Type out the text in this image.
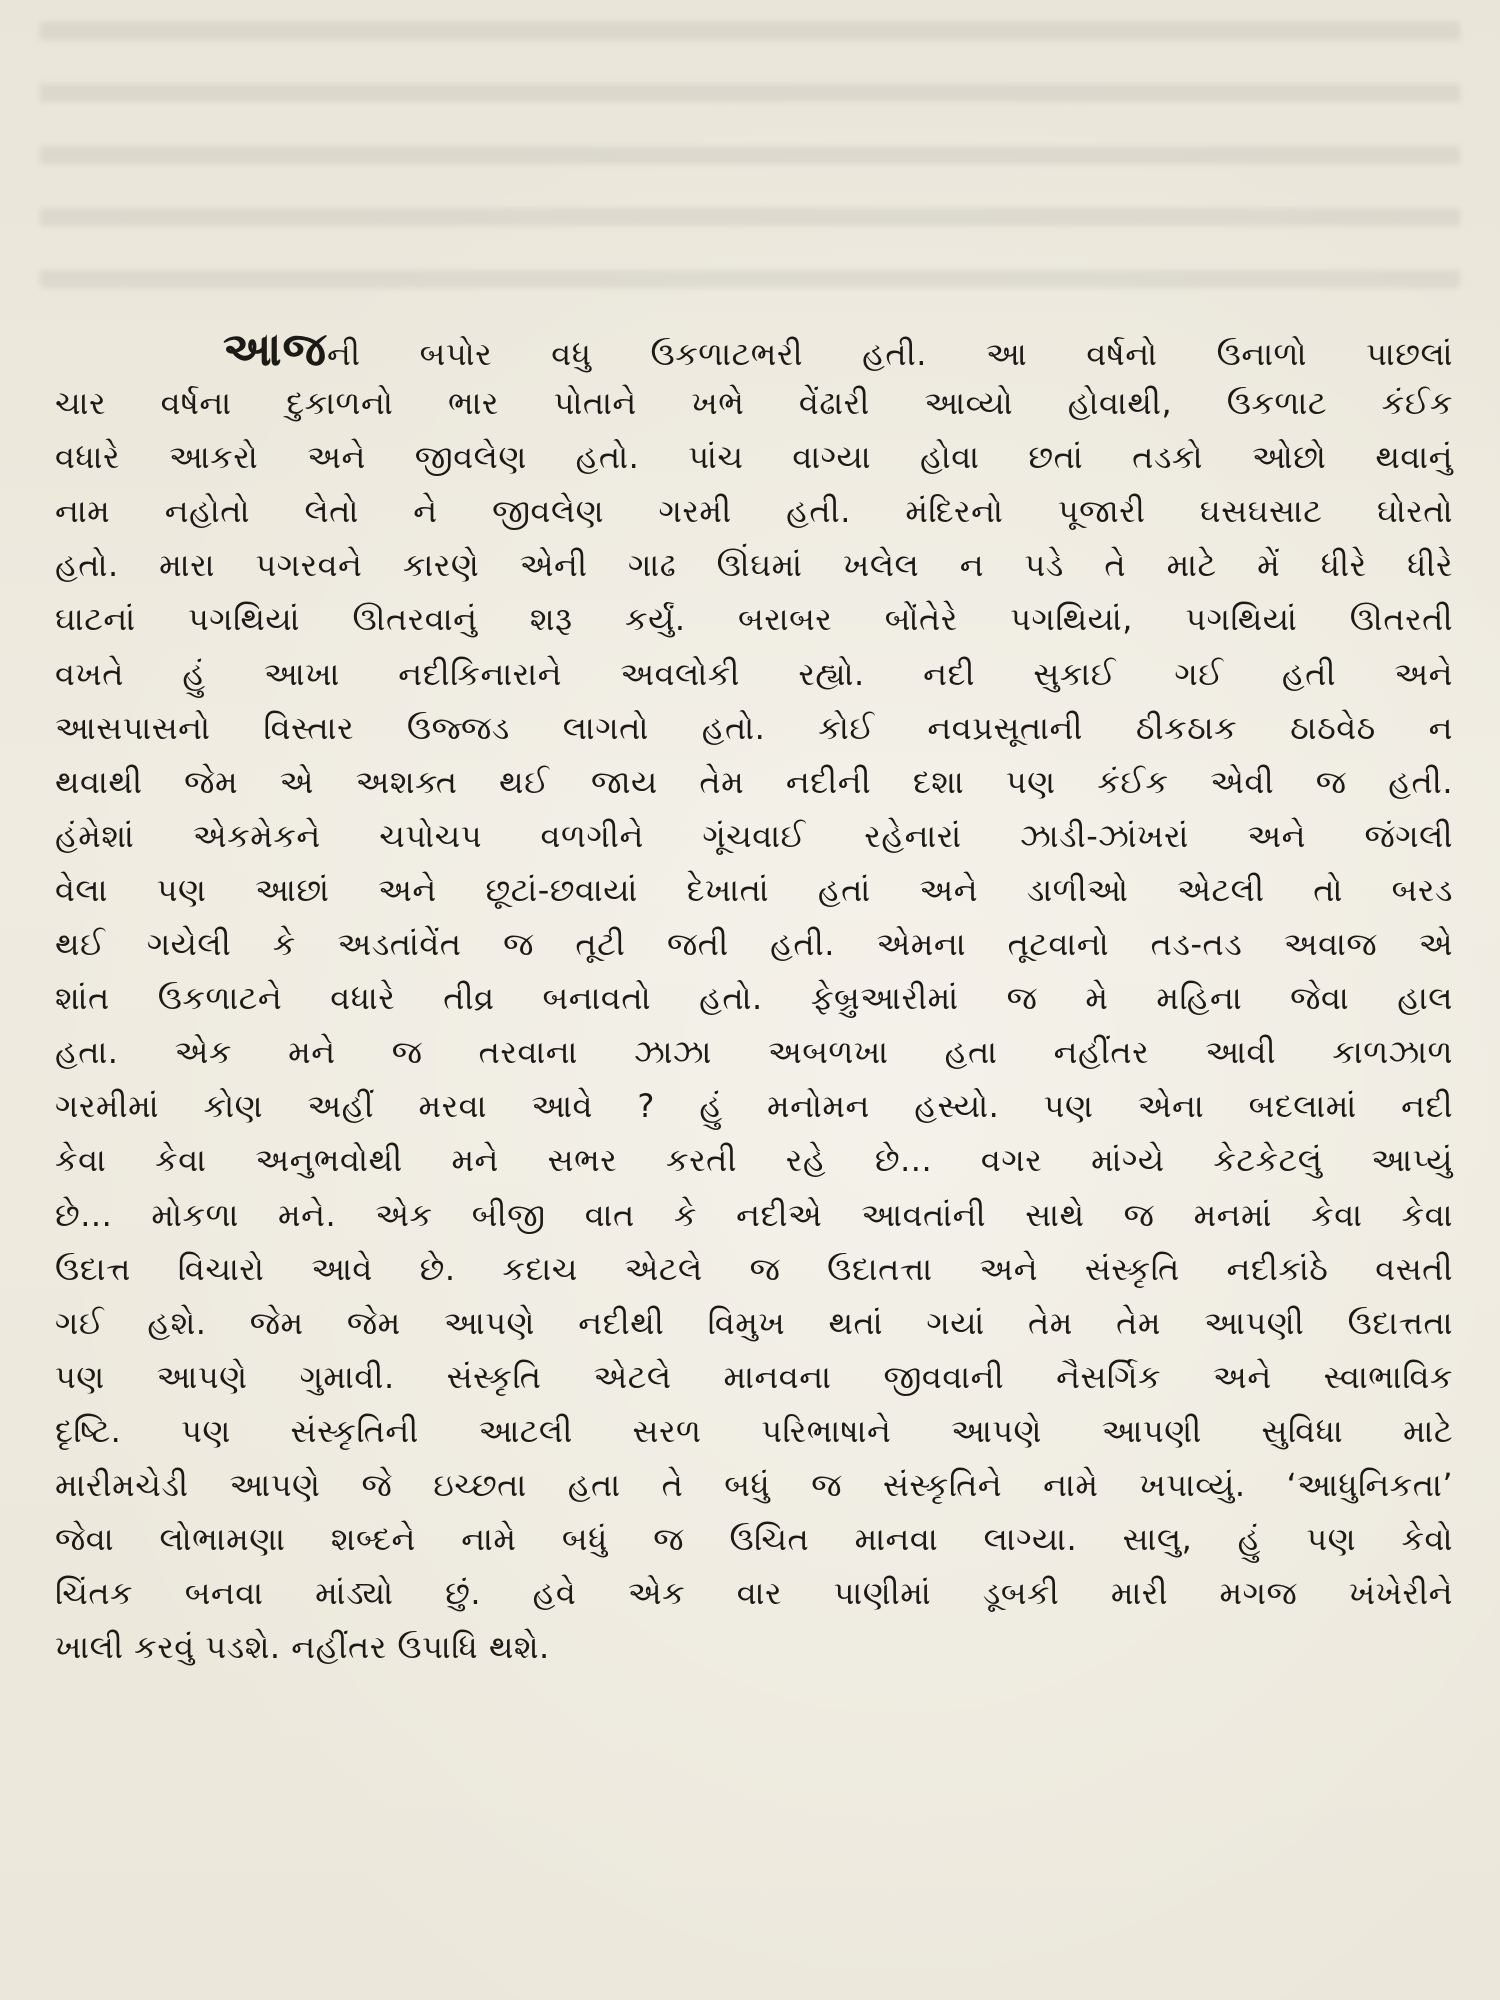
આજની બપોર વધુ ઉકળાટભરી હતી. આ વર્ષનો ઉનાળો પાછલાં
ચાર વર્ષના દુકાળનો ભાર પોતાને ખભે વેંઢારી આવ્યો હોવાથી, ઉકળાટ કંઈક
વધારે આકરો અને જીવલેણ હતો. પાંચ વાગ્યા હોવા છતાં તડકો ઓછો થવાનું
નામ નહોતો લેતો ને જીવલેણ ગરમી હતી. મંદિરનો પૂજારી ઘસઘસાટ ઘોરતો
હતો. મારા પગરવને કારણે એની ગાઢ ઊંઘમાં ખલેલ ન પડે તે માટે મેં ધીરે ધીરે
ઘાટનાં પગથિયાં ઊતરવાનું શરૂ કર્યું. બરાબર બોંતેરે પગથિયાં, પગથિયાં ઊતરતી
વખતે હું આખા નદીકિનારાને અવલોકી રહ્યો. નદી સુકાઈ ગઈ હતી અને
આસપાસનો વિસ્તાર ઉજ્જડ લાગતો હતો. કોઈ નવપ્રસૂતાની ઠીકઠાક ઠાઠવેઠ ન
થવાથી જેમ એ અશક્ત થઈ જાય તેમ નદીની દશા પણ કંઈક એવી જ હતી.
હંમેશાં એકમેકને ચપોચપ વળગીને ગૂંચવાઈ રહેનારાં ઝાડી-ઝાંખરાં અને જંગલી
વેલા પણ આછાં અને છૂટાં-છવાયાં દેખાતાં હતાં અને ડાળીઓ એટલી તો બરડ
થઈ ગયેલી કે અડતાંવેંત જ તૂટી જતી હતી. એમના તૂટવાનો તડ-તડ અવાજ એ
શાંત ઉકળાટને વધારે તીવ્ર બનાવતો હતો. ફેબ્રુઆરીમાં જ મે મહિના જેવા હાલ
હતા. એક મને જ તરવાના ઝાઝા અબળખા હતા નહીંતર આવી કાળઝાળ
ગરમીમાં કોણ અહીં મરવા આવે ? હું મનોમન હસ્યો. પણ એના બદલામાં નદી
કેવા કેવા અનુભવોથી મને સભર કરતી રહે છે... વગર માંગ્યે કેટકેટલું આપ્યું
છે... મોકળા મને. એક બીજી વાત કે નદીએ આવતાંની સાથે જ મનમાં કેવા કેવા
ઉદાત્ત વિચારો આવે છે. કદાચ એટલે જ ઉદાતત્તા અને સંસ્કૃતિ નદીકાંઠે વસતી
ગઈ હશે. જેમ જેમ આપણે નદીથી વિમુખ થતાં ગયાં તેમ તેમ આપણી ઉદાત્તતા
પણ આપણે ગુમાવી. સંસ્કૃતિ એટલે માનવના જીવવાની નૈસર્ગિક અને સ્વાભાવિક
દૃષ્ટિ. પણ સંસ્કૃતિની આટલી સરળ પરિભાષાને આપણે આપણી સુવિધા માટે
મારીમચેડી આપણે જે ઇચ્છતા હતા તે બધું જ સંસ્કૃતિને નામે ખપાવ્યું. ‘આધુનિકતા’
જેવા લોભામણા શબ્દને નામે બધું જ ઉચિત માનવા લાગ્યા. સાલુ, હું પણ કેવો
ચિંતક બનવા માંડ્યો છું. હવે એક વાર પાણીમાં ડૂબકી મારી મગજ ખંખેરીને
ખાલી કરવું પડશે. નહીંતર ઉપાધિ થશે.
